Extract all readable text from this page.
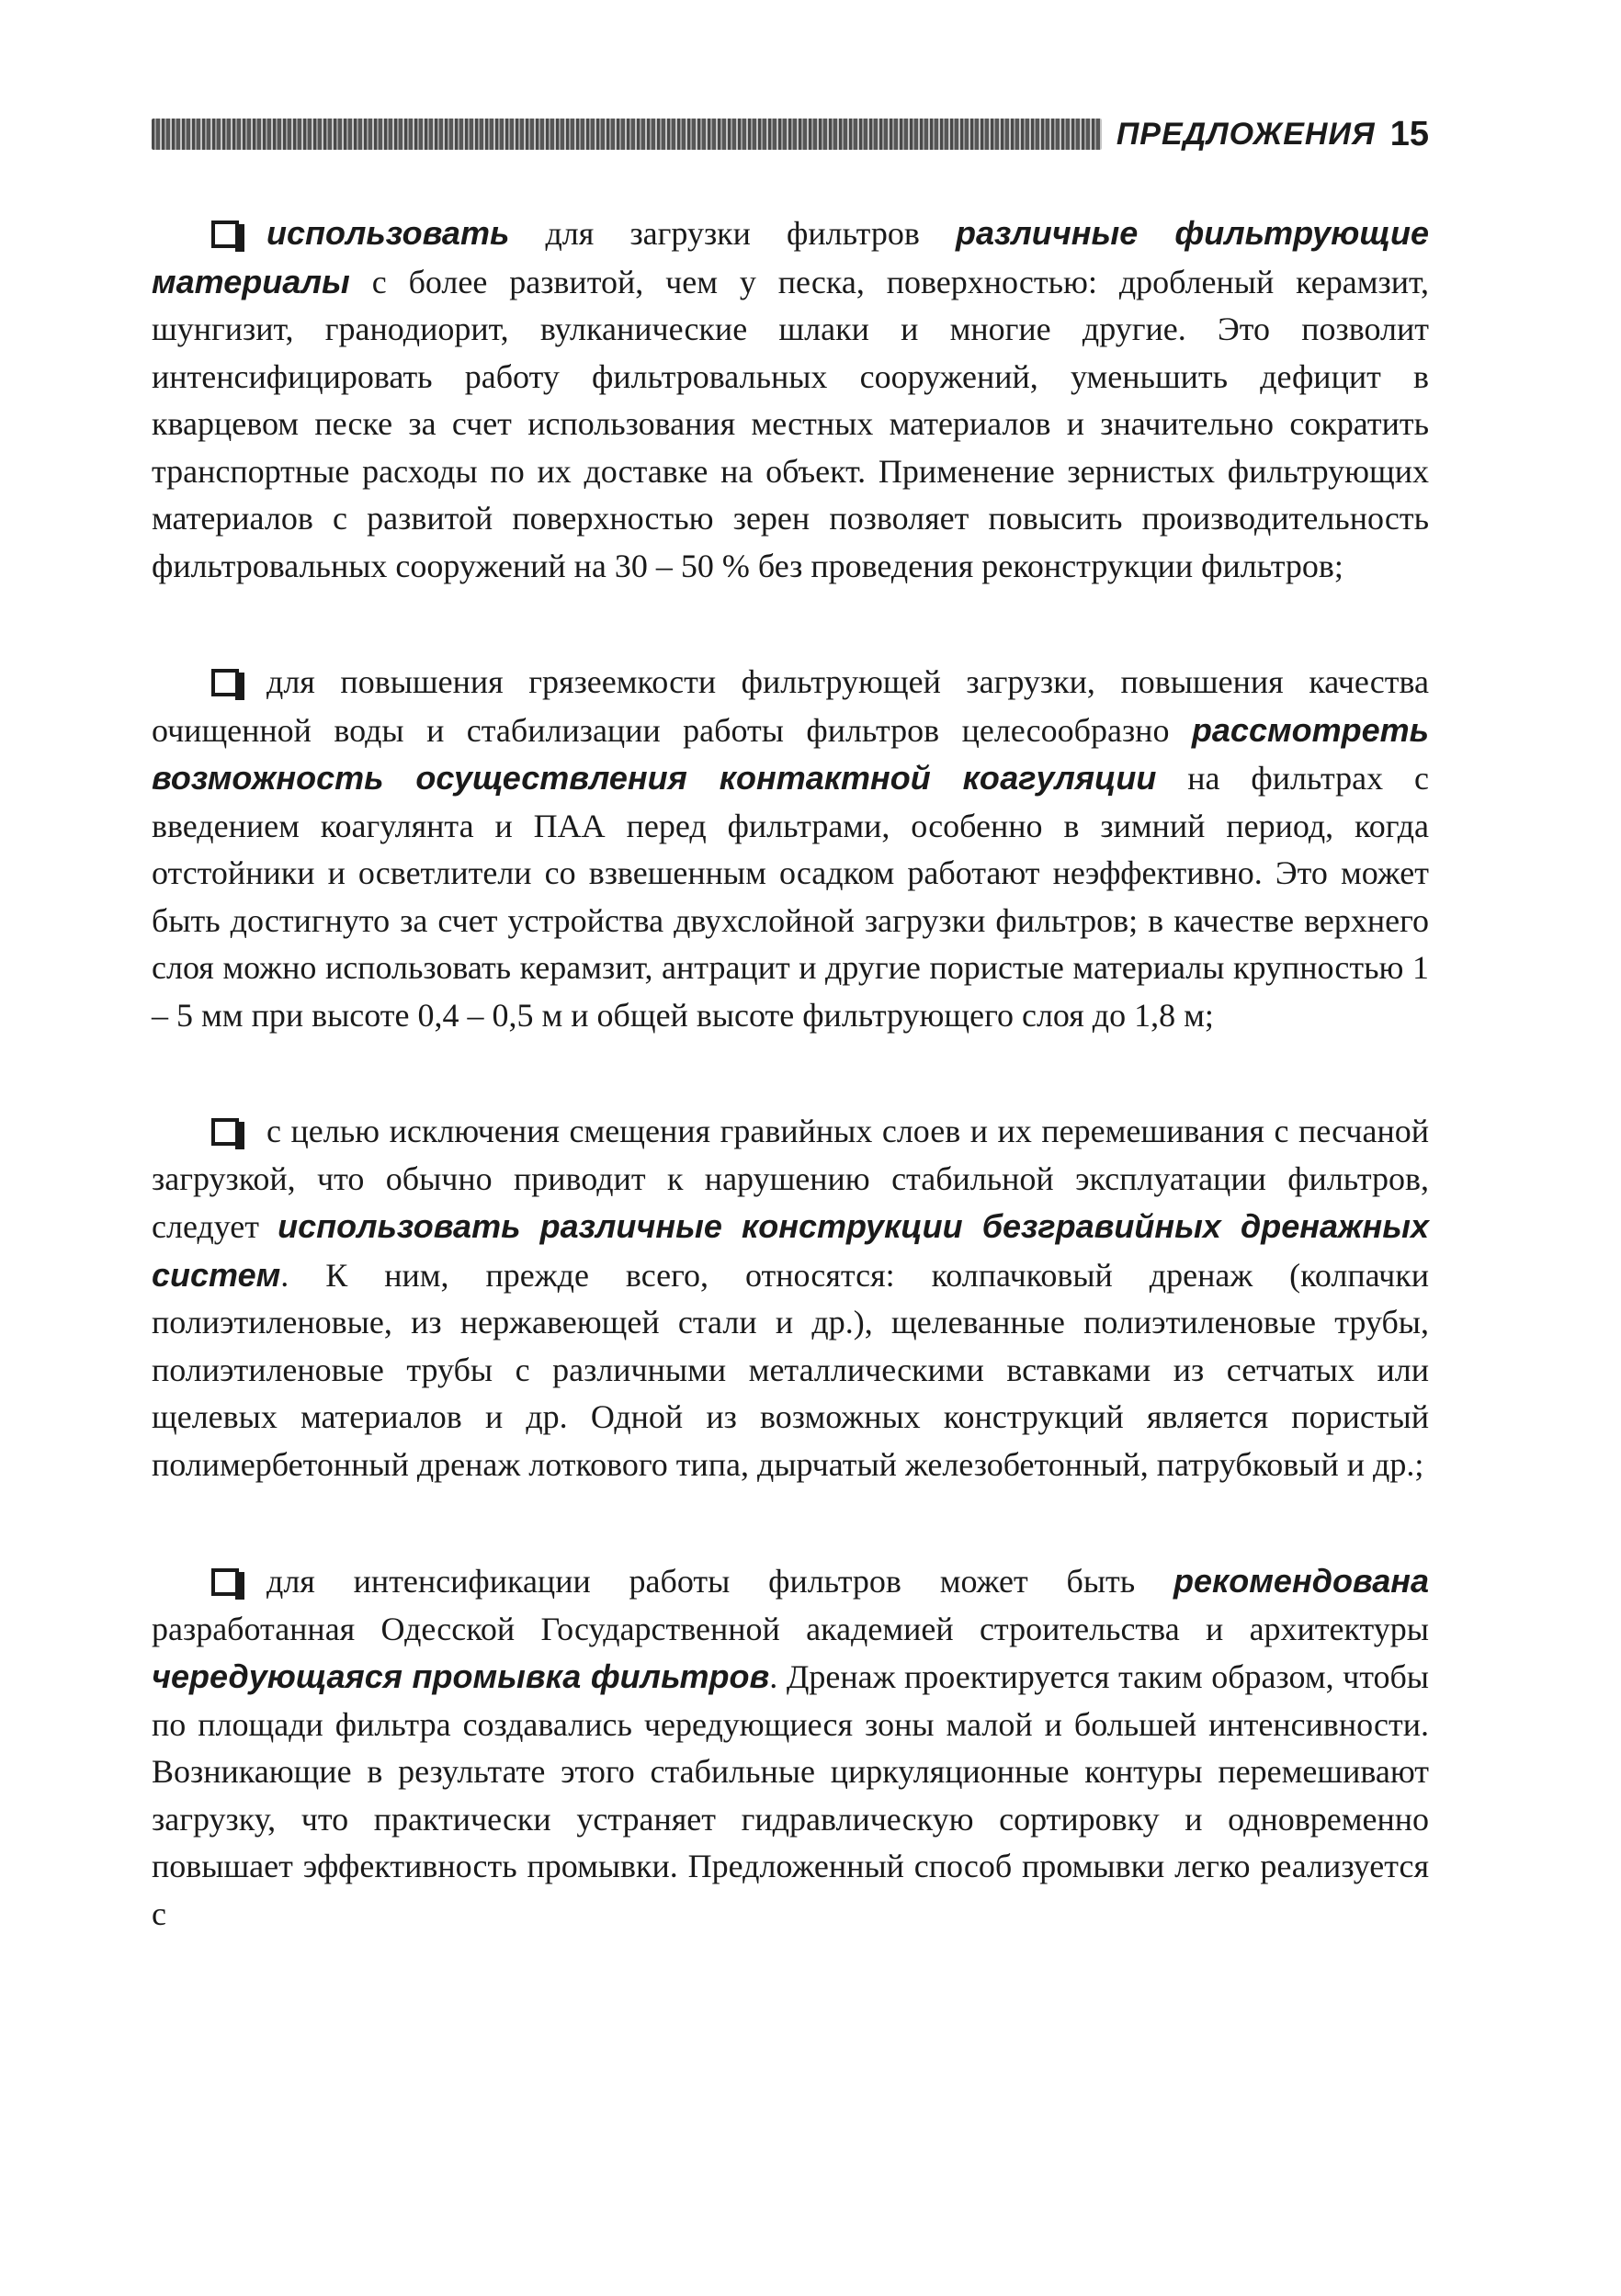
ПРЕДЛОЖЕНИЯ 15

использовать для загрузки фильтров различные фильтрующие материалы с более развитой, чем у песка, поверхностью: дробленый керамзит, шунгизит, гранодиорит, вулканические шлаки и многие другие. Это позволит интенсифицировать работу фильтровальных сооружений, уменьшить дефицит в кварцевом песке за счет использования местных материалов и значительно сократить транспортные расходы по их доставке на объект. Применение зернистых фильтрующих материалов с развитой поверхностью зерен позволяет повысить производительность фильтровальных сооружений на 30 – 50 % без проведения реконструкции фильтров;

для повышения грязеемкости фильтрующей загрузки, повышения качества очищенной воды и стабилизации работы фильтров целесообразно рассмотреть возможность осуществления контактной коагуляции на фильтрах с введением коагулянта и ПАА перед фильтрами, особенно в зимний период, когда отстойники и осветлители со взвешенным осадком работают неэффективно. Это может быть достигнуто за счет устройства двухслойной загрузки фильтров; в качестве верхнего слоя можно использовать керамзит, антрацит и другие пористые материалы крупностью 1 – 5 мм при высоте 0,4 – 0,5 м и общей высоте фильтрующего слоя до 1,8 м;

с целью исключения смещения гравийных слоев и их перемешивания с песчаной загрузкой, что обычно приводит к нарушению стабильной эксплуатации фильтров, следует использовать различные конструкции безгравийных дренажных систем. К ним, прежде всего, относятся: колпачковый дренаж (колпачки полиэтиленовые, из нержавеющей стали и др.), щелеванные полиэтиленовые трубы, полиэтиленовые трубы с различными металлическими вставками из сетчатых или щелевых материалов и др. Одной из возможных конструкций является пористый полимербетонный дренаж лоткового типа, дырчатый железобетонный, патрубковый и др.;

для интенсификации работы фильтров может быть рекомендована разработанная Одесской Государственной академией строительства и архитектуры чередующаяся промывка фильтров. Дренаж проектируется таким образом, чтобы по площади фильтра создавались чередующиеся зоны малой и большей интенсивности. Возникающие в результате этого стабильные циркуляционные контуры перемешивают загрузку, что практически устраняет гидравлическую сортировку и одновременно повышает эффективность промывки. Предложенный способ промывки легко реализуется с
